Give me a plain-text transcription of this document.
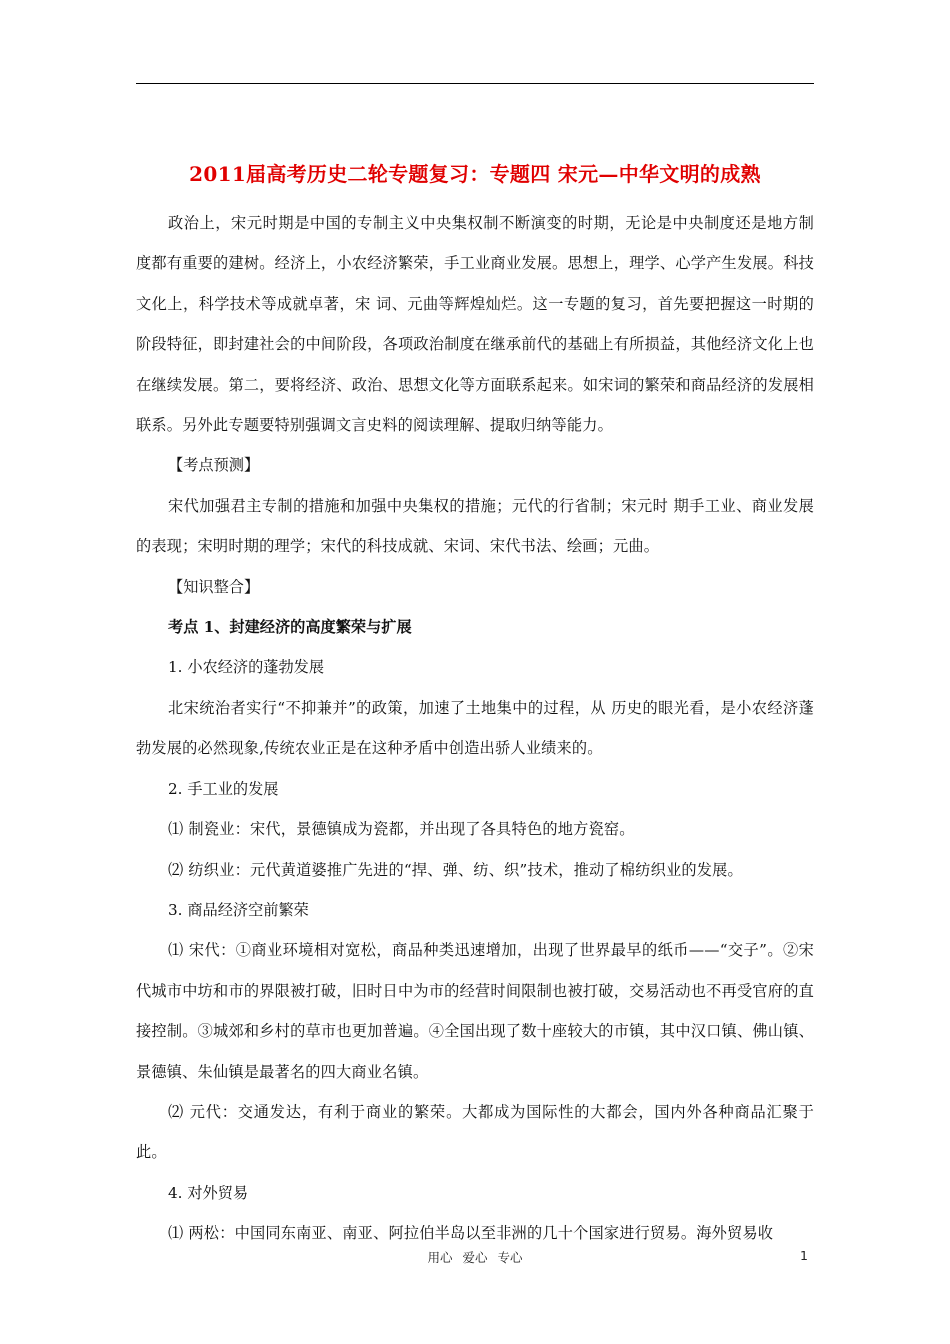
2011届高考历史二轮专题复习：专题四 宋元—中华文明的成熟

政治上，宋元时期是中国的专制主义中央集权制不断演变的时期，无论是中央制度还是地方制度都有重要的建树。经济上，小农经济繁荣，手工业商业发展。思想上，理学、心学产生发展。科技文化上，科学技术等成就卓著，宋 词、元曲等辉煌灿烂。这一专题的复习，首先要把握这一时期的阶段特征，即封建社会的中间阶段，各项政治制度在继承前代的基础上有所损益，其他经济文化上也在继续发展。第二，要将经济、政治、思想文化等方面联系起来。如宋词的繁荣和商品经济的发展相联系。另外此专题要特别强调文言史料的阅读理解、提取归纳等能力。

【考点预测】

宋代加强君主专制的措施和加强中央集权的措施；元代的行省制；宋元时 期手工业、商业发展的表现；宋明时期的理学；宋代的科技成就、宋词、宋代书法、绘画；元曲。

【知识整合】

考点 1、封建经济的高度繁荣与扩展

1. 小农经济的蓬勃发展

北宋统治者实行“不抑兼并”的政策，加速了土地集中的过程，从 历史的眼光看，是小农经济蓬勃发展的必然现象,传统农业正是在这种矛盾中创造出骄人业绩来的。

2. 手工业的发展

⑴ 制瓷业：宋代，景德镇成为瓷都，并出现了各具特色的地方瓷窑。

⑵ 纺织业：元代黄道婆推广先进的“捍、弹、纺、织”技术，推动了棉纺织业的发展。

3. 商品经济空前繁荣

⑴ 宋代：①商业环境相对宽松，商品种类迅速增加，出现了世界最早的纸币——“交子”。②宋代城市中坊和市的界限被打破，旧时日中为市的经营时间限制也被打破，交易活动也不再受官府的直接控制。③城郊和乡村的草市也更加普遍。④全国出现了数十座较大的市镇，其中汉口镇、佛山镇、景德镇、朱仙镇是最著名的四大商业名镇。

⑵ 元代：交通发达，有利于商业的繁荣。大都成为国际性的大都会，国内外各种商品汇聚于此。

4. 对外贸易

⑴ 两松：中国同东南亚、南亚、阿拉伯半岛以至非洲的几十个国家进行贸易。海外贸易收

用心 爱心 专心	1
